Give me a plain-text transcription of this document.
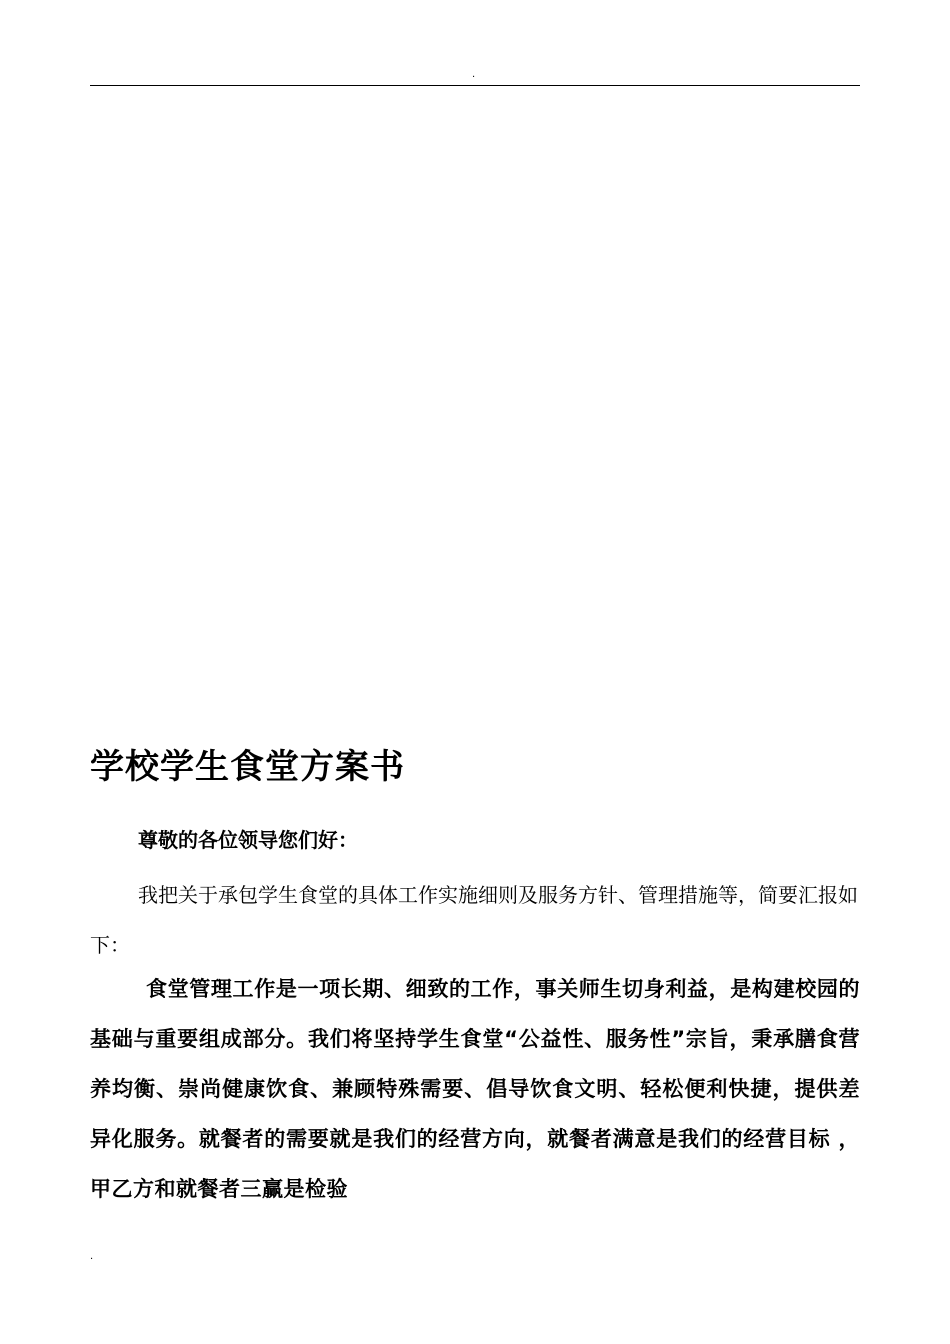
.
学校学生食堂方案书

尊敬的各位领导您们好：

我把关于承包学生食堂的具体工作实施细则及服务方针、管理措施等，简要汇报如下：

食堂管理工作是一项长期、细致的工作，事关师生切身利益，是构建校园的基础与重要组成部分。我们将坚持学生食堂“公益性、服务性”宗旨，秉承膳食营养均衡、崇尚健康饮食、兼顾特殊需要、倡导饮食文明、轻松便利快捷，提供差异化服务。就餐者的需要就是我们的经营方向，就餐者满意是我们的经营目标 ，甲乙方和就餐者三赢是检验

.
